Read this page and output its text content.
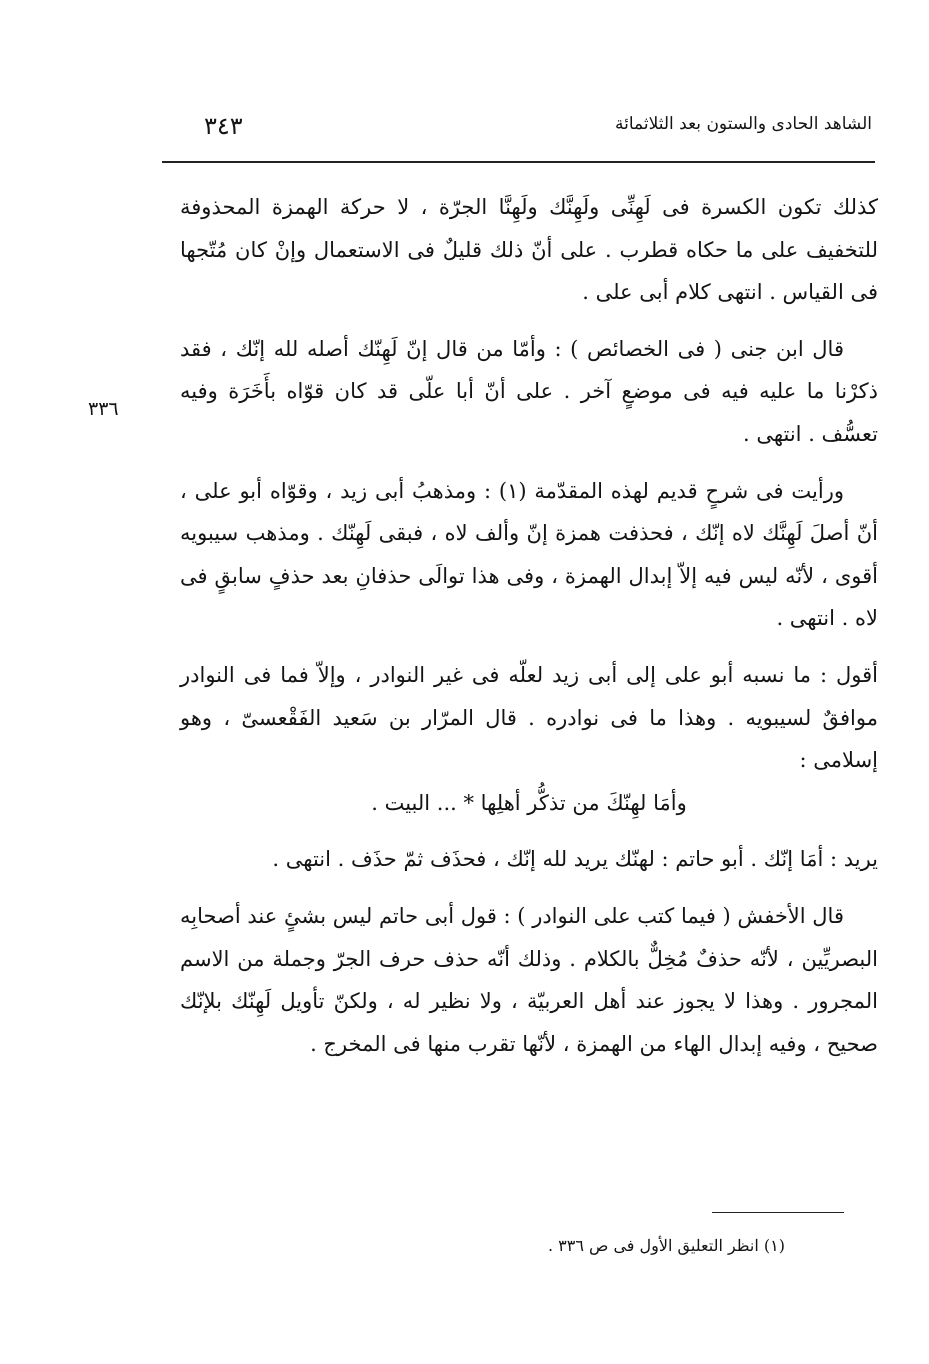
الشاهد الحادى والستون بعد الثلاثمائة
٣٤٣
٣٣٦

كذلك تكون الكسرة فى لَهِنِّى ولَهِنَّك ولَهِنَّا الجرّة ، لا حركة الهمزة المحذوفة للتخفيف على ما حكاه قطرب . على أنّ ذلك قليلٌ فى الاستعمال وإنْ كان مُتّجها فى القياس . انتهى كلام أبى على .

قال ابن جنى ( فى الخصائص ) : وأمّا من قال إنّ لَهِنّك أصله لله إنّك ، فقد ذكرْنا ما عليه فيه فى موضعٍ آخر . على أنّ أبا علّى قد كان قوّاه بأَخَرَة وفيه تعسُّف . انتهى .

ورأيت فى شرحٍ قديم لهذه المقدّمة (١) : ومذهبُ أبى زيد ، وقوّاه أبو على ، أنّ أصلَ لَهِنَّك لاه إنّك ، فحذفت همزة إنّ وألف لاه ، فبقى لَهِنّك . ومذهب سيبويه أقوى ، لأنّه ليس فيه إلاّ إبدال الهمزة ، وفى هذا توالَى حذفانِ بعد حذفٍ سابقٍ فى لاه . انتهى .

أقول : ما نسبه أبو على إلى أبى زيد لعلّه فى غير النوادر ، وإلاّ فما فى النوادر موافقٌ لسيبويه . وهذا ما فى نوادره . قال المرّار بن سَعيد الفَقْعسىّ ، وهو إسلامى :

وأمَا لهِنّكَ من تذكُّر أهلِها * ... البيت .

يريد : أمَا إنّك . أبو حاتم : لهنّك يريد لله إنّك ، فحذَف ثمّ حذَف . انتهى .

قال الأخفش ( فيما كتب على النوادر ) : قول أبى حاتم ليس بشئٍ عند أصحابِه البصريِّين ، لأنّه حذفٌ مُخِلٌّ بالكلام . وذلك أنّه حذف حرف الجرّ وجملة من الاسم المجرور . وهذا لا يجوز عند أهل العربيّة ، ولا نظير له ، ولكنّ تأويل لَهِنّك بلإنّك صحيح ، وفيه إبدال الهاء من الهمزة ، لأنّها تقرب منها فى المخرج .

(١) انظر التعليق الأول فى ص ٣٣٦ .
